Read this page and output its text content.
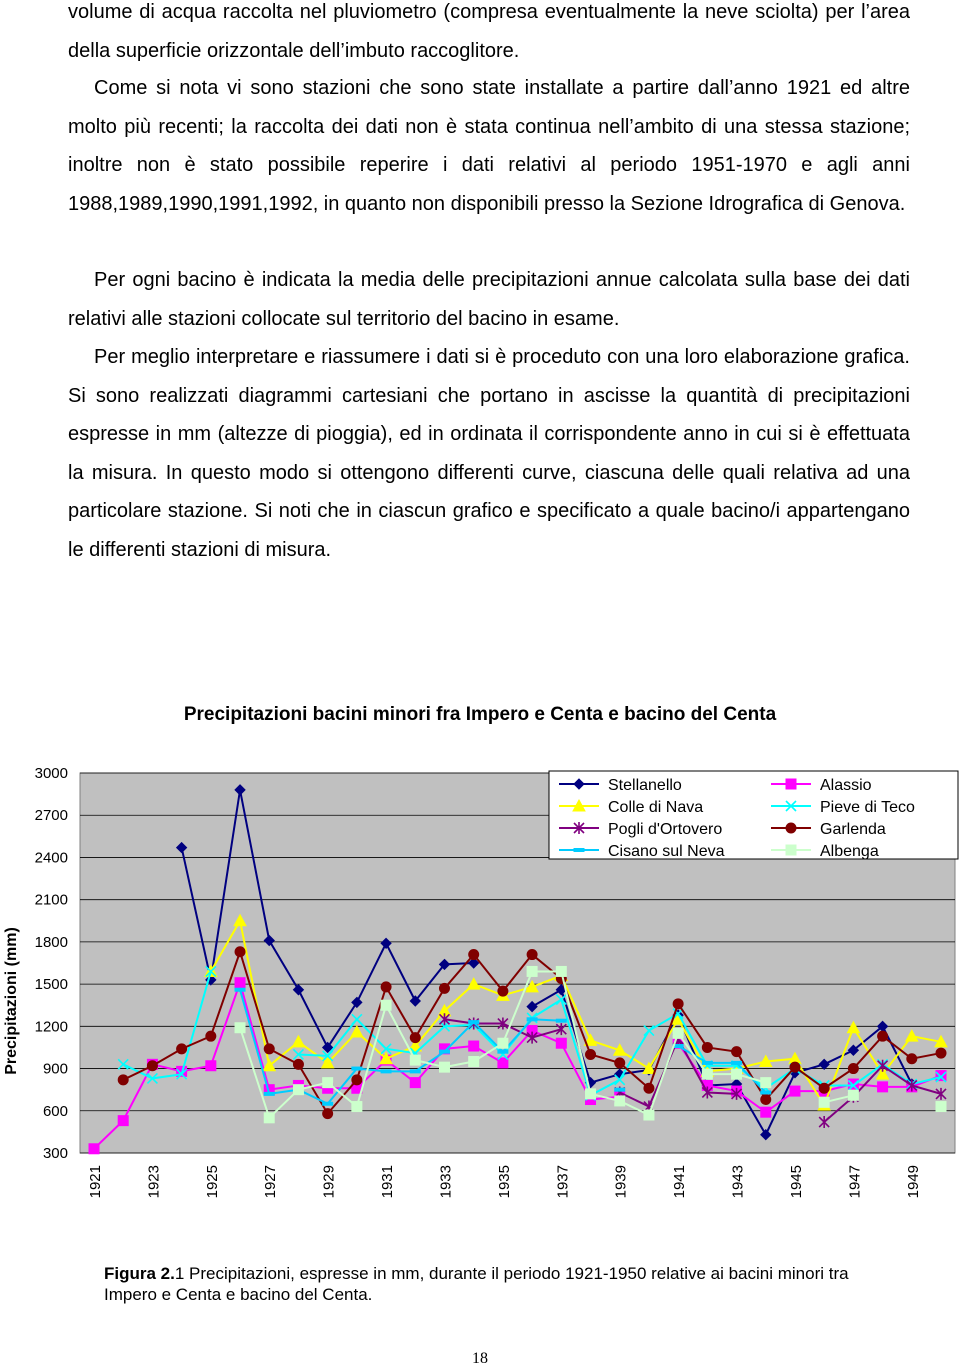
volume di acqua raccolta nel pluviometro (compresa eventualmente la neve sciolta) per l’area della superficie orizzontale dell’imbuto raccoglitore.

Come si nota vi sono stazioni che sono state installate a partire dall’anno 1921 ed altre molto più recenti; la raccolta dei dati non è stata continua nell’ambito di una stessa stazione; inoltre non è stato possibile reperire i dati relativi al periodo 1951-1970 e agli anni 1988,1989,1990,1991,1992, in quanto non disponibili presso la Sezione Idrografica di Genova.

Per ogni bacino è indicata la media delle precipitazioni annue calcolata sulla base dei dati relativi alle stazioni collocate sul territorio del bacino in esame.

Per meglio interpretare e riassumere i dati si è proceduto con una loro elaborazione grafica. Si sono realizzati diagrammi cartesiani che portano in ascisse la quantità di precipitazioni espresse in mm (altezze di pioggia), ed in ordinata il corrispondente anno in cui si è effettuata la misura. In questo modo si ottengono differenti curve, ciascuna delle quali relativa ad una particolare stazione. Si noti che in ciascun grafico e specificato a quale bacino/i appartengano le differenti stazioni di misura.

Precipitazioni bacini minori fra Impero e Centa e bacino del Centa

300
600
900
1200
1500
1800
2100
2400
2700
3000
1921	1923	1925	1927	1929	1931	1933	1935	1937	1939	1941	1943	1945	1947	1949
Precipitazioni (mm)
Stellanello	Alassio
Colle di Nava	Pieve di Teco
Pogli d'Ortovero	Garlenda
Cisano sul Neva	Albenga

Figura 2.1 Precipitazioni, espresse in mm, durante il periodo 1921-1950 relative ai bacini minori tra Impero e Centa e bacino del Centa.

18
